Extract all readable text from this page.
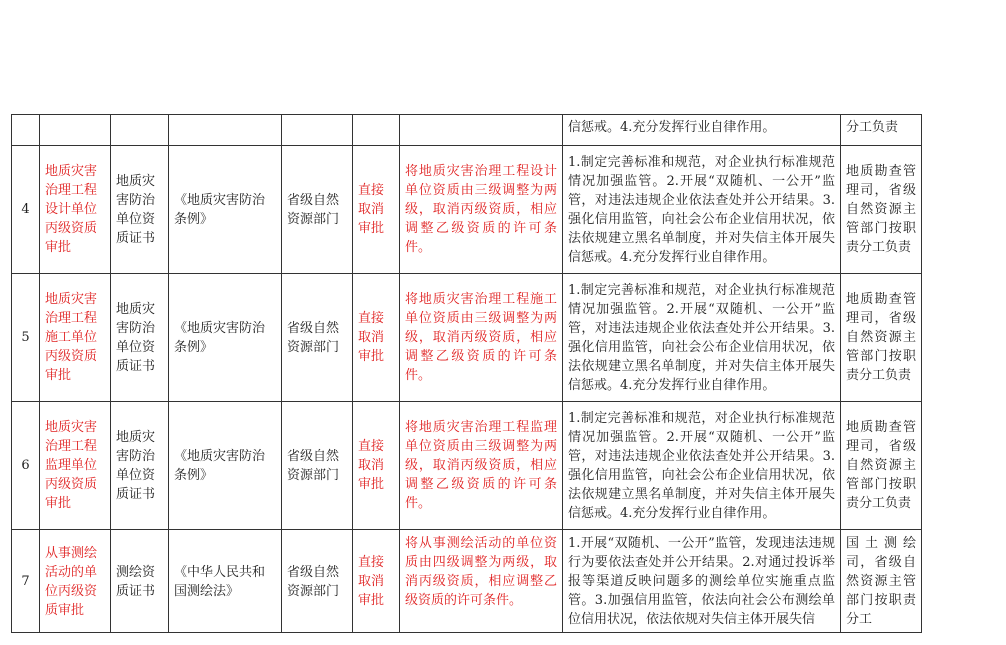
							信惩戒。4.充分发挥行业自律作用。	分工负责
4	地质灾害治理工程设计单位丙级资质审批	地质灾害防治单位资质证书	《地质灾害防治条例》	省级自然资源部门	直接取消审批	将地质灾害治理工程设计单位资质由三级调整为两级，取消丙级资质，相应调整乙级资质的许可条件。	1.制定完善标准和规范，对企业执行标准规范情况加强监管。2.开展“双随机、一公开”监管，对违法违规企业依法查处并公开结果。3.强化信用监管，向社会公布企业信用状况，依法依规建立黑名单制度，并对失信主体开展失信惩戒。4.充分发挥行业自律作用。	地质勘查管理司，省级自然资源主管部门按职责分工负责
5	地质灾害治理工程施工单位丙级资质审批	地质灾害防治单位资质证书	《地质灾害防治条例》	省级自然资源部门	直接取消审批	将地质灾害治理工程施工单位资质由三级调整为两级，取消丙级资质，相应调整乙级资质的许可条件。	1.制定完善标准和规范，对企业执行标准规范情况加强监管。2.开展“双随机、一公开”监管，对违法违规企业依法查处并公开结果。3.强化信用监管，向社会公布企业信用状况，依法依规建立黑名单制度，并对失信主体开展失信惩戒。4.充分发挥行业自律作用。	地质勘查管理司，省级自然资源主管部门按职责分工负责
6	地质灾害治理工程监理单位丙级资质审批	地质灾害防治单位资质证书	《地质灾害防治条例》	省级自然资源部门	直接取消审批	将地质灾害治理工程监理单位资质由三级调整为两级，取消丙级资质，相应调整乙级资质的许可条件。	1.制定完善标准和规范，对企业执行标准规范情况加强监管。2.开展“双随机、一公开”监管，对违法违规企业依法查处并公开结果。3.强化信用监管，向社会公布企业信用状况，依法依规建立黑名单制度，并对失信主体开展失信惩戒。4.充分发挥行业自律作用。	地质勘查管理司，省级自然资源主管部门按职责分工负责
7	从事测绘活动的单位丙级资质审批	测绘资质证书	《中华人民共和国测绘法》	省级自然资源部门	直接取消审批	将从事测绘活动的单位资质由四级调整为两级，取消丙级资质，相应调整乙级资质的许可条件。	1.开展“双随机、一公开”监管，发现违法违规行为要依法查处并公开结果。2.对通过投诉举报等渠道反映问题多的测绘单位实施重点监管。3.加强信用监管，依法向社会公布测绘单位信用状况，依法依规对失信主体开展失信	国土测绘司，省级自然资源主管部门按职责分工
